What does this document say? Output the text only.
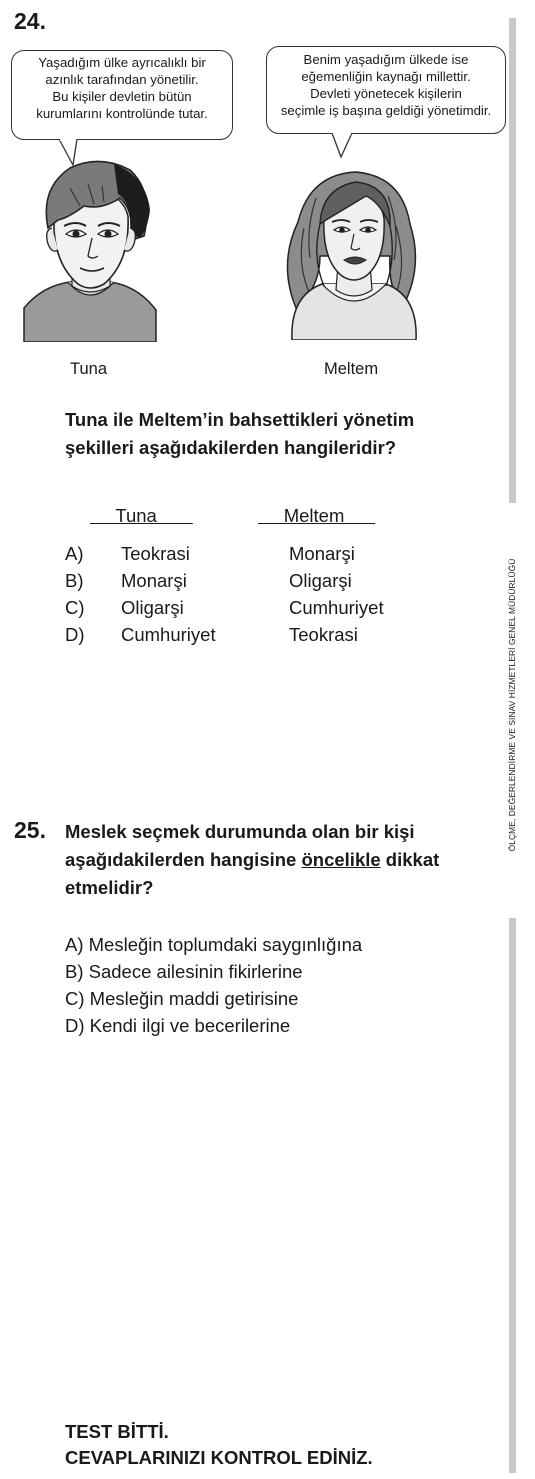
ÖLÇME, DEĞERLENDİRME VE SINAV HİZMETLERİ GENEL MÜDÜRLÜĞÜ
24.
Yaşadığım ülke ayrıcalıklı bir
azınlık tarafından yönetilir.
Bu kişiler devletin bütün
kurumlarını kontrolünde tutar.
Benim yaşadığım ülkede ise
eğemenliğin kaynağı millettir.
Devleti yönetecek kişilerin
seçimle iş başına geldiği yönetimdir.
Tuna	Meltem
Tuna ile Meltem’in bahsettikleri yönetim
şekilleri aşağıdakilerden hangileridir?
Tuna	Meltem
A) Teokrasi	Monarşi
B) Monarşi	Oligarşi
C) Oligarşi	Cumhuriyet
D) Cumhuriyet	Teokrasi
25. Meslek seçmek durumunda olan bir kişi
aşağıdakilerden hangisine öncelikle dikkat
etmelidir?
A) Mesleğin toplumdaki saygınlığına
B) Sadece ailesinin fikirlerine
C) Mesleğin maddi getirisine
D) Kendi ilgi ve becerilerine
TEST BİTTİ.
CEVAPLARINIZI KONTROL EDİNİZ.
